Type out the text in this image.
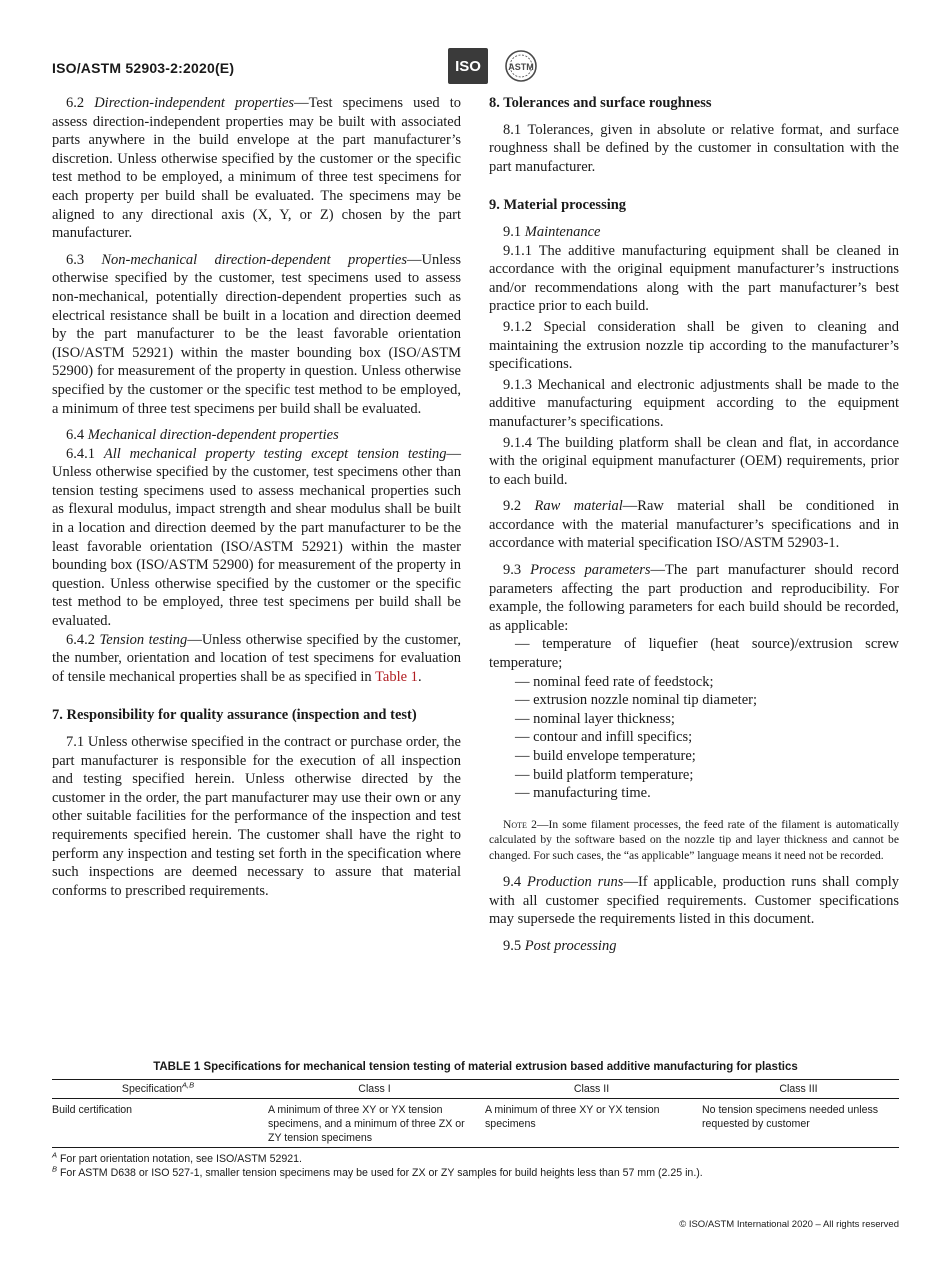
ISO/ASTM 52903-2:2020(E)	ISO	ASTM

6.2 Direction-independent properties—Test specimens used to assess direction-independent properties may be built with associated parts anywhere in the build envelope at the part manufacturer’s discretion. Unless otherwise specified by the customer or the specific test method to be employed, a minimum of three test specimens for each property per build shall be evaluated. The specimens may be aligned to any directional axis (X, Y, or Z) chosen by the part manufacturer.

6.3 Non-mechanical direction-dependent properties—Unless otherwise specified by the customer, test specimens used to assess non-mechanical, potentially direction-dependent properties such as electrical resistance shall be built in a location and direction deemed by the part manufacturer to be the least favorable orientation (ISO/ASTM 52921) within the master bounding box (ISO/ASTM 52900) for measurement of the property in question. Unless otherwise specified by the customer or the specific test method to be employed, a minimum of three test specimens per build shall be evaluated.

6.4 Mechanical direction-dependent properties

6.4.1 All mechanical property testing except tension testing—Unless otherwise specified by the customer, test specimens other than tension testing specimens used to assess mechanical properties such as flexural modulus, impact strength and shear modulus shall be built in a location and direction deemed by the part manufacturer to be the least favorable orientation (ISO/ASTM 52921) within the master bounding box (ISO/ASTM 52900) for measurement of the property in question. Unless otherwise specified by the customer or the specific test method to be employed, three test specimens per build shall be evaluated.

6.4.2 Tension testing—Unless otherwise specified by the customer, the number, orientation and location of test specimens for evaluation of tensile mechanical properties shall be as specified in Table 1.

7. Responsibility for quality assurance (inspection and test)

7.1 Unless otherwise specified in the contract or purchase order, the part manufacturer is responsible for the execution of all inspection and testing specified herein. Unless otherwise directed by the customer in the order, the part manufacturer may use their own or any other suitable facilities for the performance of the inspection and test requirements specified herein. The customer shall have the right to perform any inspection and testing set forth in the specification where such inspections are deemed necessary to assure that material conforms to prescribed requirements.

8. Tolerances and surface roughness

8.1 Tolerances, given in absolute or relative format, and surface roughness shall be defined by the customer in consultation with the part manufacturer.

9. Material processing

9.1 Maintenance

9.1.1 The additive manufacturing equipment shall be cleaned in accordance with the original equipment manufacturer’s instructions and/or recommendations along with the part manufacturer’s best practice prior to each build.

9.1.2 Special consideration shall be given to cleaning and maintaining the extrusion nozzle tip according to the manufacturer’s specifications.

9.1.3 Mechanical and electronic adjustments shall be made to the additive manufacturing equipment according to the equipment manufacturer’s specifications.

9.1.4 The building platform shall be clean and flat, in accordance with the original equipment manufacturer (OEM) requirements, prior to each build.

9.2 Raw material—Raw material shall be conditioned in accordance with the material manufacturer’s specifications and in accordance with material specification ISO/ASTM 52903-1.

9.3 Process parameters—The part manufacturer should record parameters affecting the part production and reproducibility. For example, the following parameters for each build should be recorded, as applicable:

— temperature of liquefier (heat source)/extrusion screw temperature;

— nominal feed rate of feedstock;

— extrusion nozzle nominal tip diameter;

— nominal layer thickness;

— contour and infill specifics;

— build envelope temperature;

— build platform temperature;

— manufacturing time.

Note 2—In some filament processes, the feed rate of the filament is automatically calculated by the software based on the nozzle tip and layer thickness and cannot be changed. For such cases, the “as applicable” language means it need not be recorded.

9.4 Production runs—If applicable, production runs shall comply with all customer specified requirements. Customer specifications may supersede the requirements listed in this document.

9.5 Post processing

TABLE 1 Specifications for mechanical tension testing of material extrusion based additive manufacturing for plastics
Specification$^{A,B}$	Class I	Class II	Class III
Build certification	A minimum of three XY or YX tension specimens, and a minimum of three ZX or ZY tension specimens	A minimum of three XY or YX tension specimens	No tension specimens needed unless requested by customer
$^A$ For part orientation notation, see ISO/ASTM 52921.
$^B$ For ASTM D638 or ISO 527-1, smaller tension specimens may be used for ZX or ZY samples for build heights less than 57 mm (2.25 in.).
© ISO/ASTM International 2020 – All rights reserved
